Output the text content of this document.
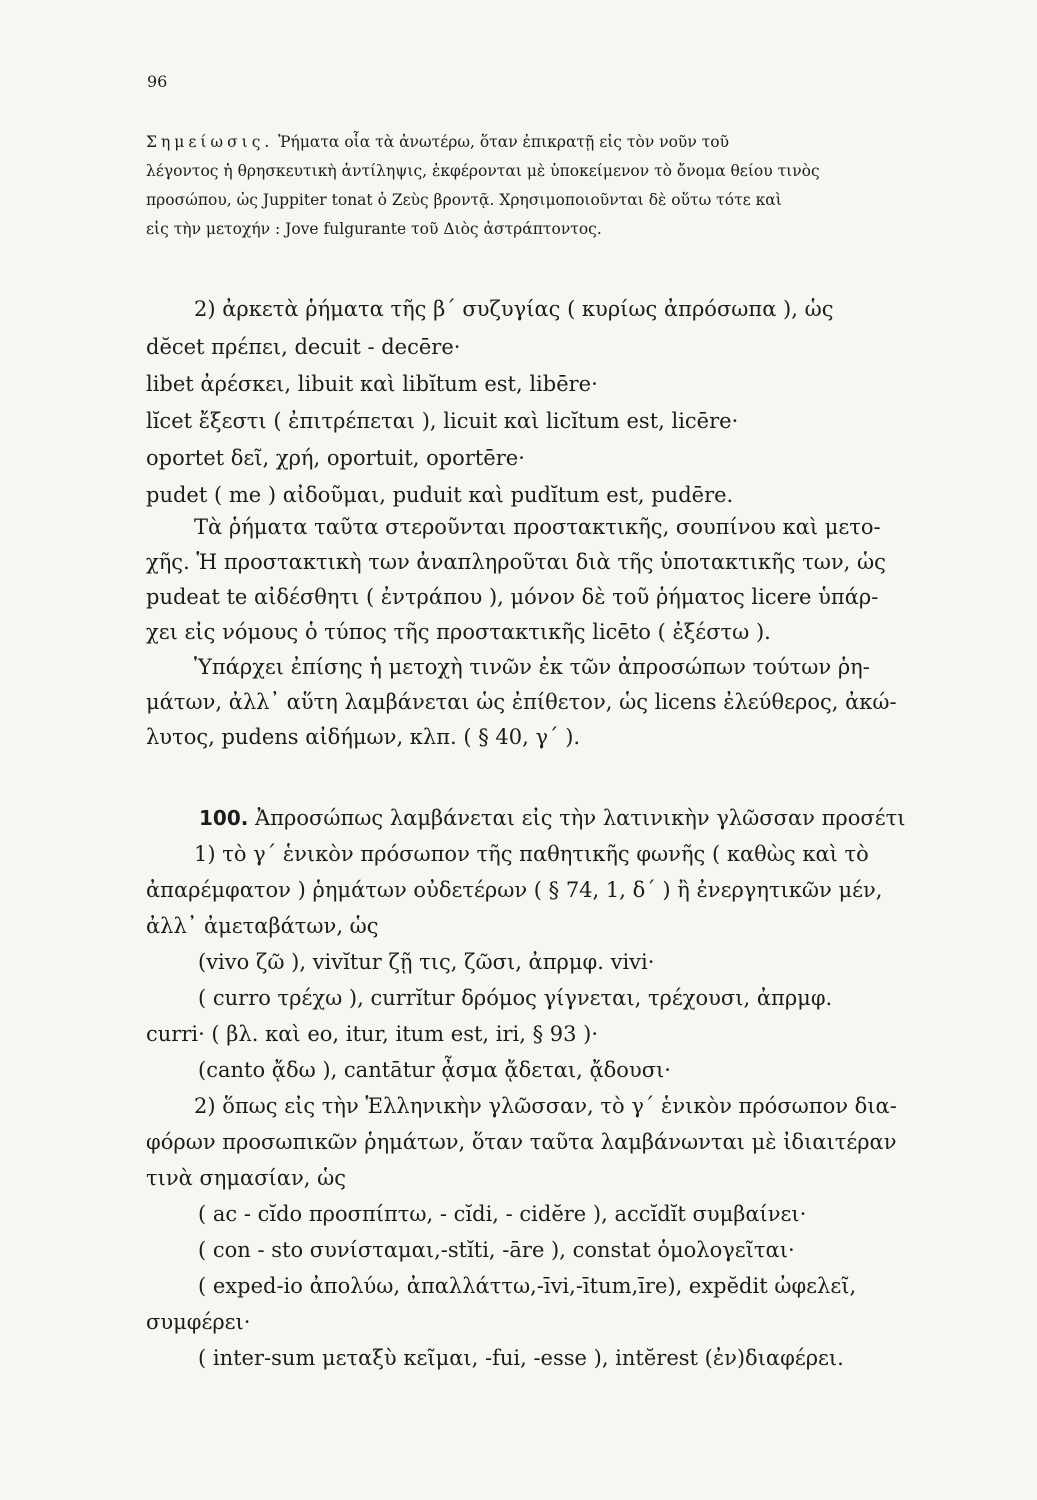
96
Σημείωσις. Ῥήματα οἷα τὰ ἀνωτέρω, ὅταν ἐπικρατῇ εἰς τὸν νοῦν τοῦ
λέγοντος ἡ θρησκευτικὴ ἀντίληψις, ἐκφέρονται μὲ ὑποκείμενον τὸ ὄνομα θείου τινὸς
προσώπου, ὡς Juppiter tonat ὁ Ζεὺς βροντᾷ. Χρησιμοποιοῦνται δὲ οὕτω τότε καὶ
εἰς τὴν μετοχήν : Jove fulgurante τοῦ Διὸς ἀστράπτοντος.
2) ἀρκετὰ ῥήματα τῆς β΄ συζυγίας ( κυρίως ἀπρόσωπα ), ὡς
dĕcet πρέπει, decuit - decēre·
libet ἀρέσκει, libuit καὶ libĭtum est, libēre·
lĭcet ἔξεστι ( ἐπιτρέπεται ), licuit καὶ licĭtum est, licēre·
oportet δεῖ, χρή, oportuit, oportēre·
pudet ( me ) αἰδοῦμαι, puduit καὶ pudĭtum est, pudēre.
Τὰ ῥήματα ταῦτα στεροῦνται προστακτικῆς, σουπίνου καὶ μετο-
χῆς. Ἡ προστακτικὴ των ἀναπληροῦται διὰ τῆς ὑποτακτικῆς των, ὡς
pudeat te αἰδέσθητι ( ἐντράπου ), μόνον δὲ τοῦ ῥήματος licere ὑπάρ-
χει εἰς νόμους ὁ τύπος τῆς προστακτικῆς licēto ( ἐξέστω ).
Ὑπάρχει ἐπίσης ἡ μετοχὴ τινῶν ἐκ τῶν ἀπροσώπων τούτων ῥη-
μάτων, ἀλλ᾿ αὕτη λαμβάνεται ὡς ἐπίθετον, ὡς licens ἐλεύθερος, ἀκώ-
λυτος, pudens αἰδήμων, κλπ. ( § 40, γ΄ ).
100. Ἀπροσώπως λαμβάνεται εἰς τὴν λατινικὴν γλῶσσαν προσέτι
1) τὸ γ΄ ἑνικὸν πρόσωπον τῆς παθητικῆς φωνῆς ( καθὼς καὶ τὸ
ἀπαρέμφατον ) ῥημάτων οὐδετέρων ( § 74, 1, δ΄ ) ἢ ἐνεργητικῶν μέν,
ἀλλ᾿ ἀμεταβάτων, ὡς
(vivo ζῶ ), vivĭtur ζῇ τις, ζῶσι, ἀπρμφ. vivi·
( curro τρέχω ), currĭtur δρόμος γίγνεται, τρέχουσι, ἀπρμφ.
curri· ( βλ. καὶ eo, itur, itum est, iri, § 93 )·
(canto ᾄδω ), cantātur ᾆσμα ᾄδεται, ᾄδουσι·
2) ὅπως εἰς τὴν Ἑλληνικὴν γλῶσσαν, τὸ γ΄ ἑνικὸν πρόσωπον δια-
φόρων προσωπικῶν ῥημάτων, ὅταν ταῦτα λαμβάνωνται μὲ ἰδιαιτέραν
τινὰ σημασίαν, ὡς
( ac - cĭdo προσπίπτω, - cĭdi, - cidĕre ), accĭdĭt συμβαίνει·
( con - sto συνίσταμαι,-stĭti, -āre ), constat ὁμολογεῖται·
( exped-io ἀπολύω, ἀπαλλάττω,-īvi,-ītum,īre), expĕdit ὠφελεῖ,
συμφέρει·
( inter-sum μεταξὺ κεῖμαι, -fui, -esse ), intĕrest (ἐν)διαφέρει.
